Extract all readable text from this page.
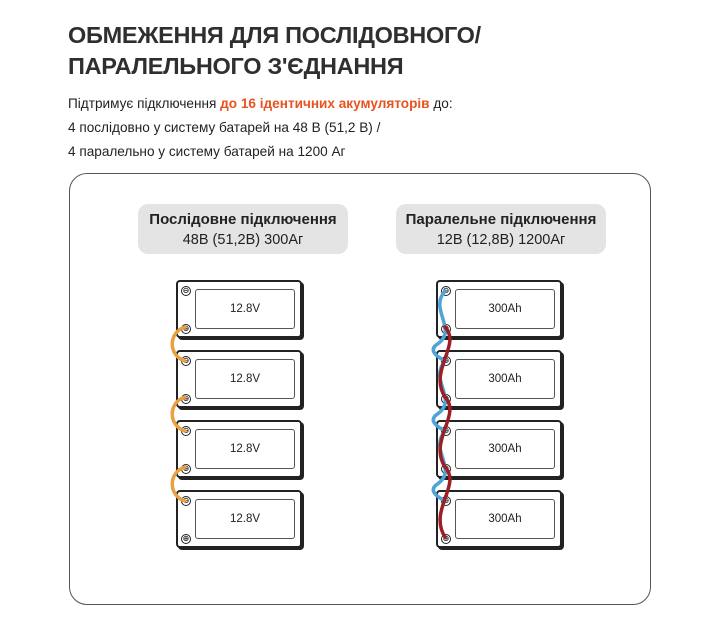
ОБМЕЖЕННЯ ДЛЯ ПОСЛІДОВНОГО/
ПАРАЛЕЛЬНОГО З'ЄДНАННЯ
Підтримує підключення до 16 ідентичних акумуляторів до:
4 послідовно у систему батарей на 48 В (51,2 В) /
4 паралельно у систему батарей на 1200 Аг
Послідовне підключення
48В (51,2В) 300Аг
Паралельне підключення
12В (12,8В) 1200Аг
⊖
⊕
12.8V
⊖
⊕
12.8V
⊖
⊕
12.8V
⊖
⊕
12.8V
⊖
⊕
300Ah
⊖
⊕
300Ah
⊖
⊕
300Ah
⊖
⊕
300Ah
